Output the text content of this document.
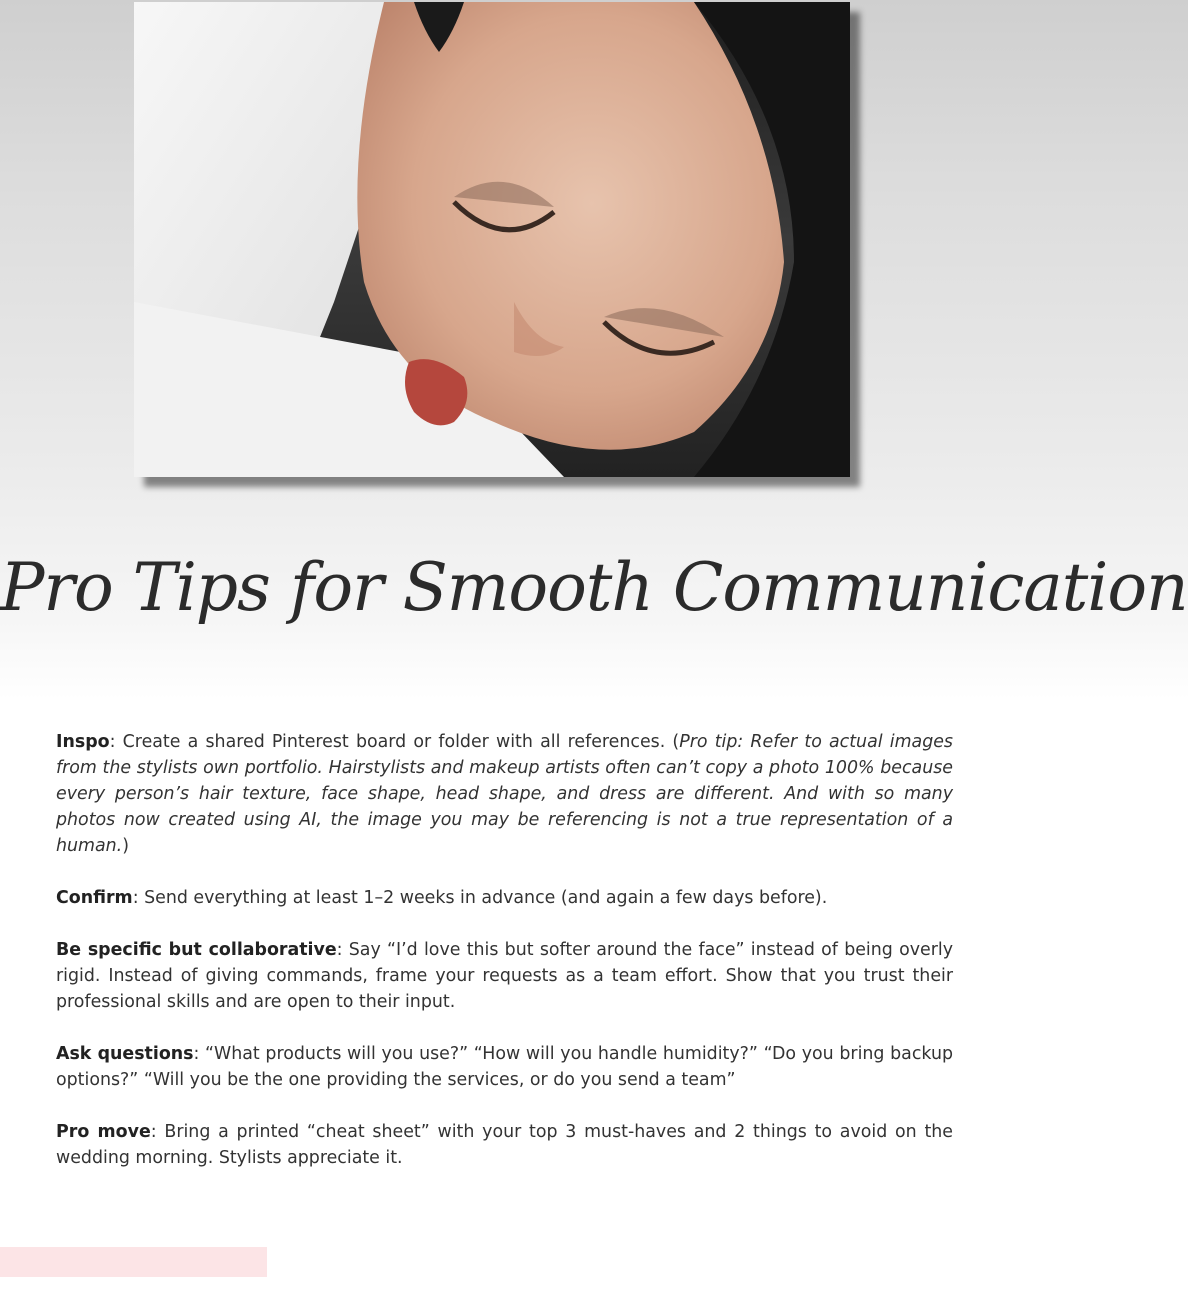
Pro Tips for Smooth Communication

Inspo: Create a shared Pinterest board or folder with all references. (Pro tip: Refer to actual images from the stylists own portfolio. Hairstylists and makeup artists often can’t copy a photo 100% because every person’s hair texture, face shape, head shape, and dress are different. And with so many photos now created using AI, the image you may be referencing is not a true representation of a human.)

Confirm: Send everything at least 1–2 weeks in advance (and again a few days before).

Be specific but collaborative: Say “I’d love this but softer around the face” instead of being overly rigid. Instead of giving commands, frame your requests as a team effort. Show that you trust their professional skills and are open to their input.

Ask questions: “What products will you use?” “How will you handle humidity?” “Do you bring backup options?” “Will you be the one providing the services, or do you send a team”

Pro move: Bring a printed “cheat sheet” with your top 3 must-haves and 2 things to avoid on the wedding morning. Stylists appreciate it.
